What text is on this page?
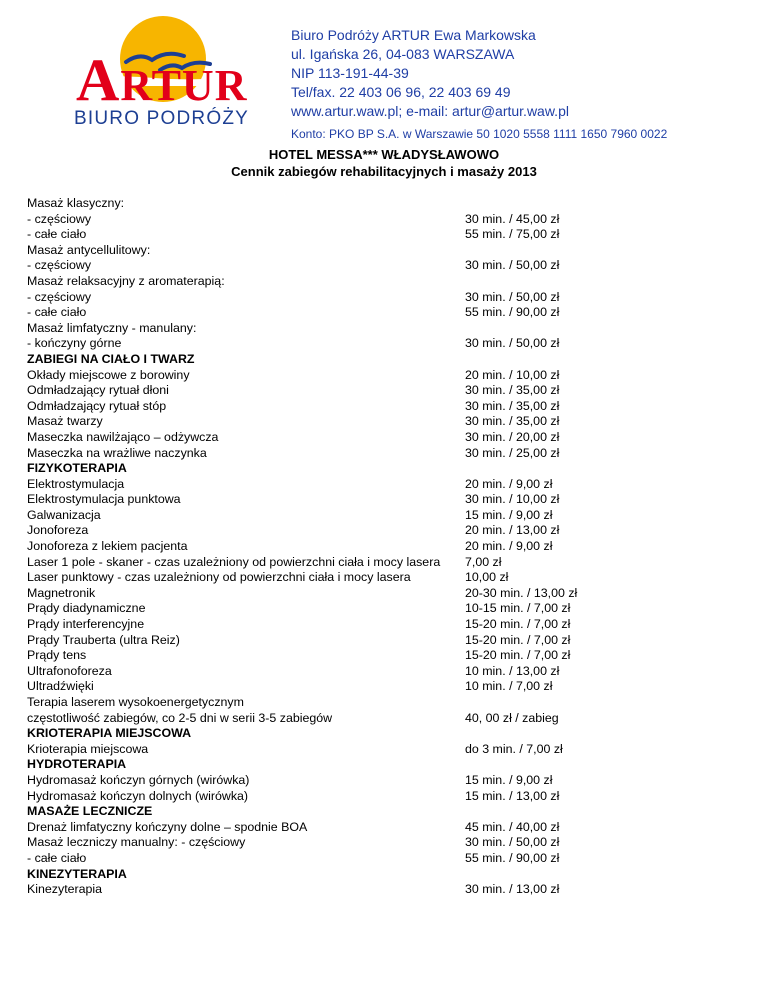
ARTUR
BIURO PODRÓŻY
Biuro Podróży ARTUR Ewa Markowska
ul. Igańska 26, 04-083 WARSZAWA
NIP 113-191-44-39
Tel/fax. 22 403 06 96, 22 403 69 49
www.artur.waw.pl; e-mail: artur@artur.waw.pl
Konto: PKO BP S.A. w Warszawie 50 1020 5558 1111 1650 7960 0022
HOTEL MESSA*** WŁADYSŁAWOWO
Cennik zabiegów rehabilitacyjnych i masaży 2013
Masaż klasyczny:
- częściowy	30 min. / 45,00 zł
- całe ciało	55 min. / 75,00 zł
Masaż antycellulitowy:
- częściowy	30 min. / 50,00 zł
Masaż relaksacyjny z aromaterapią:
- częściowy	30 min. / 50,00 zł
- całe ciało	55 min. / 90,00 zł
Masaż limfatyczny - manulany:
- kończyny górne	30 min. / 50,00 zł
ZABIEGI NA CIAŁO I TWARZ
Okłady miejscowe z borowiny	20 min. / 10,00 zł
Odmładzający rytuał dłoni	30 min. / 35,00 zł
Odmładzający rytuał stóp	30 min. / 35,00 zł
Masaż twarzy	30 min. / 35,00 zł
Maseczka nawilżająco – odżywcza	30 min. / 20,00 zł
Maseczka na wrażliwe naczynka	30 min. / 25,00 zł
FIZYKOTERAPIA
Elektrostymulacja	20 min. / 9,00 zł
Elektrostymulacja punktowa	30 min. / 10,00 zł
Galwanizacja	15 min. / 9,00 zł
Jonoforeza	20 min. / 13,00 zł
Jonoforeza z lekiem pacjenta	20 min. / 9,00 zł
Laser 1 pole - skaner - czas uzależniony od powierzchni ciała i mocy lasera 7,00 zł
Laser punktowy - czas uzależniony od powierzchni ciała i mocy lasera	10,00 zł
Magnetronik	20-30 min. / 13,00 zł
Prądy diadynamiczne	10-15 min. / 7,00 zł
Prądy interferencyjne	15-20 min. / 7,00 zł
Prądy Trauberta (ultra Reiz)	15-20 min. / 7,00 zł
Prądy tens	15-20 min. / 7,00 zł
Ultrafonoforeza	10 min. / 13,00 zł
Ultradźwięki	10 min. / 7,00 zł
Terapia laserem wysokoenergetycznym
częstotliwość zabiegów, co 2-5 dni w serii 3-5 zabiegów	40, 00 zł / zabieg
KRIOTERAPIA MIEJSCOWA
Krioterapia miejscowa	do 3 min. / 7,00 zł
HYDROTERAPIA
Hydromasaż kończyn górnych (wirówka)	15 min. / 9,00 zł
Hydromasaż kończyn dolnych (wirówka)	15 min. / 13,00 zł
MASAŻE LECZNICZE
Drenaż limfatyczny kończyny dolne – spodnie BOA	45 min. / 40,00 zł
Masaż leczniczy manualny: - częściowy	30 min. / 50,00 zł
- całe ciało	55 min. / 90,00 zł
KINEZYTERAPIA
Kinezyterapia	30 min. / 13,00 zł
